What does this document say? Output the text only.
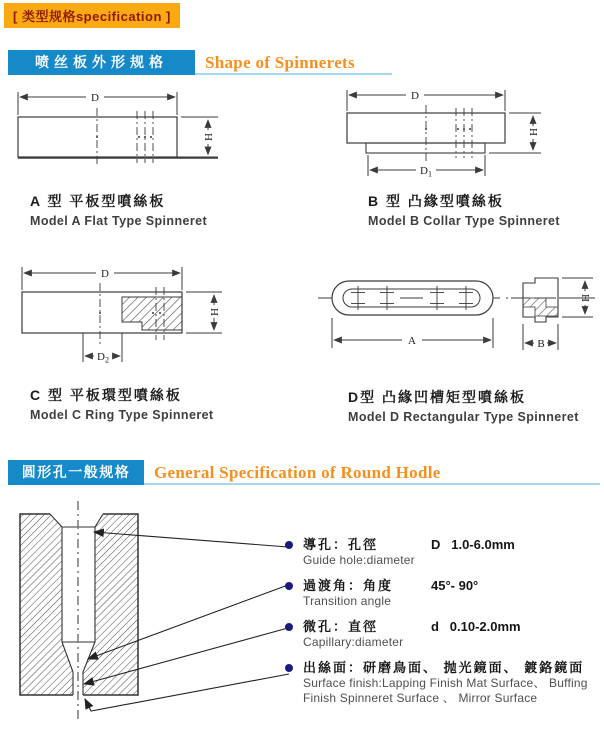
[ 类型规格specification ]
喷丝板外形规格	Shape of Spinnerets
D
H
D
$D_1$
H
A 型 平板型噴絲板
Model A Flat Type Spinneret
B 型 凸緣型噴絲板
Model B Collar Type Spinneret
D
$D_2$
H
A	B
H
C 型 平板環型噴絲板
Model C Ring Type Spinneret
D型 凸緣凹槽矩型噴絲板
Model D Rectangular Type Spinneret
圆形孔一般规格	General Specification of Round Hodle
導孔：孔徑	D   1.0-6.0mm
Guide hole:diameter
過渡角：角度	45°- 90°
Transition angle
微孔：直徑	d   0.10-2.0mm
Capillary:diameter
出絲面：研磨鳥面、 抛光鏡面、 鍍鉻鏡面
Surface finish:Lapping Finish Mat Surface、 Buffing Finish Spinneret Surface 、 Mirror Surface
